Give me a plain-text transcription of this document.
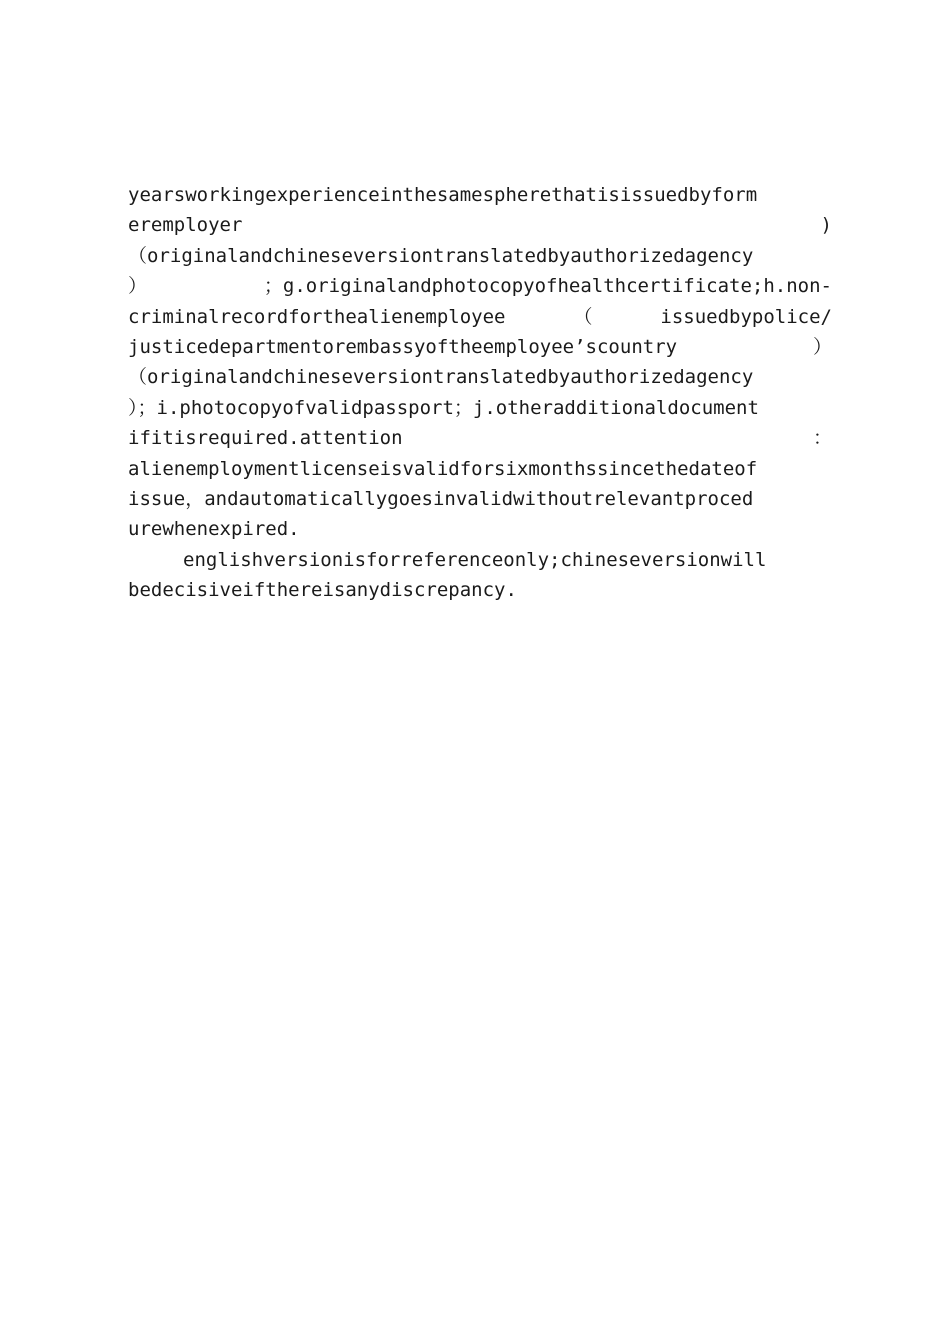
yearsworkingexperienceinthesamespherethatisissuedbyform
eremployer	)
（originalandchineseversiontranslatedbyauthorizedagency
）	；g.originalandphotocopyofhealthcertificate;h.non-
criminalrecordforthealienemployee	（	issuedbypolice/
justicedepartmentorembassyoftheemployee’scountry	）
（originalandchineseversiontranslatedbyauthorizedagency
）；i.photocopyofvalidpassport；j.otheradditionaldocument
ifitisrequired.attention	：
alienemploymentlicenseisvalidforsixmonthssincethedateof
issue，andautomaticallygoesinvalidwithoutrelevantproced
urewhenexpired.
englishversionisforreferenceonly;chineseversionwill
bedecisiveifthereisanydiscrepancy.
